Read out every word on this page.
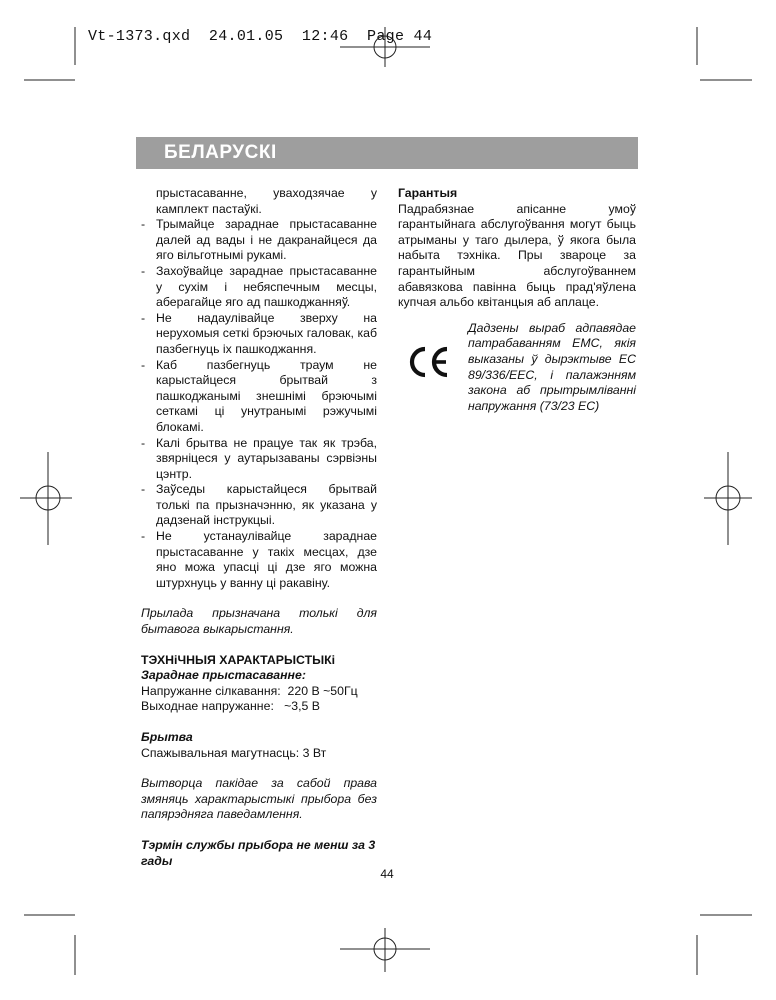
Vt-1373.qxd  24.01.05  12:46  Page 44
БЕЛАРУСКІ
прыстасаванне, уваходзячае у камплект пастаўкі.
- Трымайце зараднае прыстасаванне далей ад вады і не дакранайцеся да яго вільготнымі рукамі.
- Захоўвайце зараднае прыстасаванне у сухім і небяспечным месцы, аберагайце яго ад пашкоджанняў.
- Не надаулівайце зверху на нерухомыя сеткі брэючых галовак, каб пазбегнуць іх пашкоджання.
- Каб пазбегнуць траум не карыстайцеся брытвай з пашкоджанымі знешнімі брэючымі сеткамі ці унутранымі рэжучымі блокамі.
- Калі брытва не працуе так як трэба, звярніцеся у аутарызаваны сэрвіэны цэнтр.
- Заўседы карыстайцеся брытвай толькі па прызначэнню, як указана у дадзенай інструкцыі.
- Не устанаулівайце зараднае прыстасаванне у такіх месцах, дзе яно можа упасці ці дзе яго можна штурхнуць у ванну ці ракавіну.
Прылада прызначана толькі для бытавога выкарыстання.
ТЭХНіЧНЫЯ ХАРАКТАРЫСТЫКі
Зараднае прыстасаванне:
Напружанне сілкавання:  220 В ~50Гц
Выходнае напружанне:   ~3,5 В
Брытва
Спажывальная магутнасць: 3 Вт
Вытворца пакідае за сабой права змяняць характарыстыкі прыбора без папярэдняга паведамлення.
Тэрмін службы прыбора не менш за 3 гады
Гарантыя
Падрабязнае апісанне умоў гарантыйнага абслугоўвання могут быць атрыманы у таго дылера, ў якога была набыта тэхніка. Пры звароце за гарантыйным абслугоўваннем абавязкова павінна быць прад'яўлена купчая альбо квітанцыя аб аплаце.
Дадзены выраб адпавядае патрабаванням ЕМС, якія выказаны ў дырэктыве ЕС 89/336/ЕЕС, і палажэнням закона аб прытрымліванні напружання (73/23 ЕС)
44
